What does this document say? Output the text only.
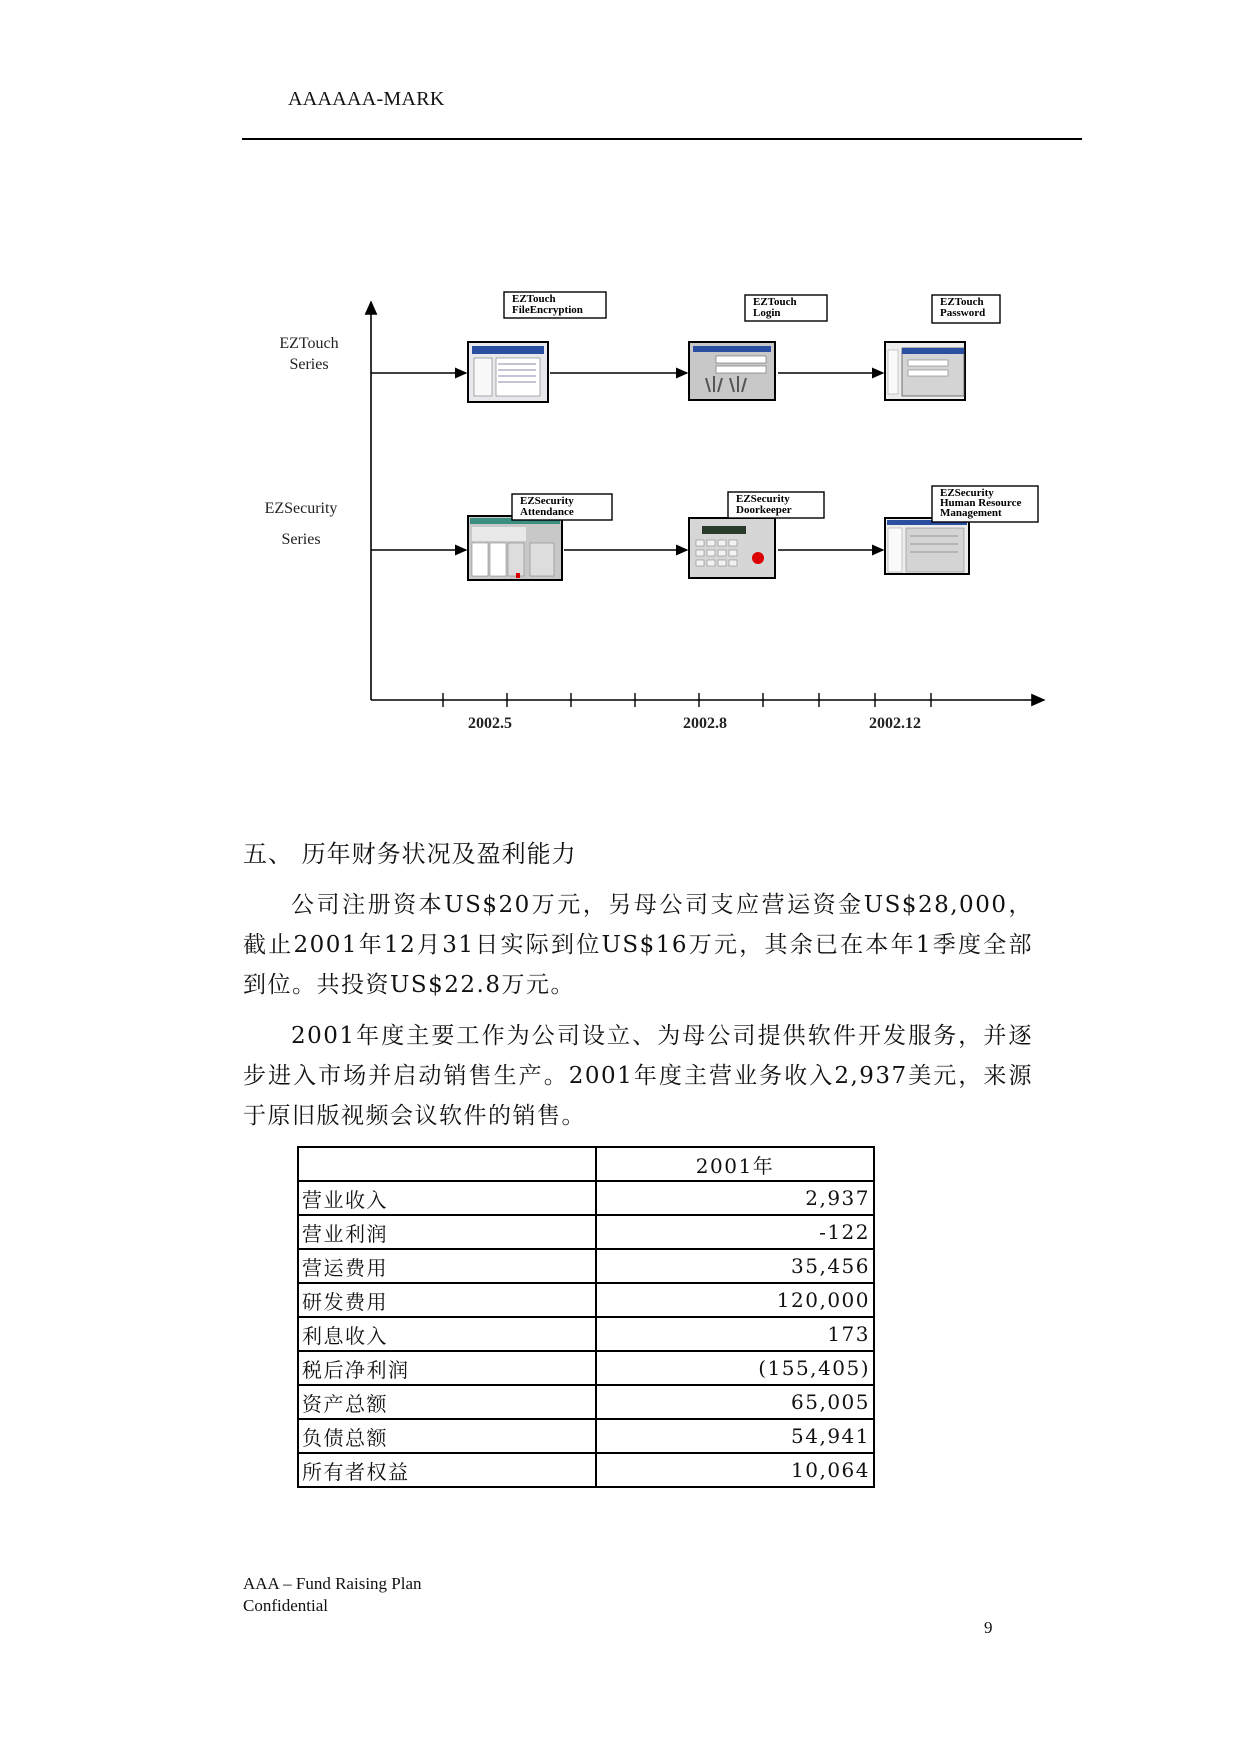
AAAAAA-MARK
EZTouch
Series
EZSecurity
Series
2002.5	2002.8	2002.12
EZTouch
FileEncryption
EZTouch
Login
EZTouch
Password
EZSecurity
Attendance
EZSecurity
Doorkeeper
EZSecurity
Human Resource
Management
五、 历年财务状况及盈利能力
公司注册资本US$20万元，另母公司支应营运资金US$28,000，截止2001年12月31日实际到位US$16万元，其余已在本年1季度全部到位。共投资US$22.8万元。
2001年度主要工作为公司设立、为母公司提供软件开发服务，并逐步进入市场并启动销售生产。2001年度主营业务收入2,937美元，来源于原旧版视频会议软件的销售。
	2001年
营业收入	2,937
营业利润	-122
营运费用	35,456
研发费用	120,000
利息收入	173
税后净利润	(155,405)
资产总额	65,005
负债总额	54,941
所有者权益	10,064
AAA – Fund Raising Plan
Confidential
9
